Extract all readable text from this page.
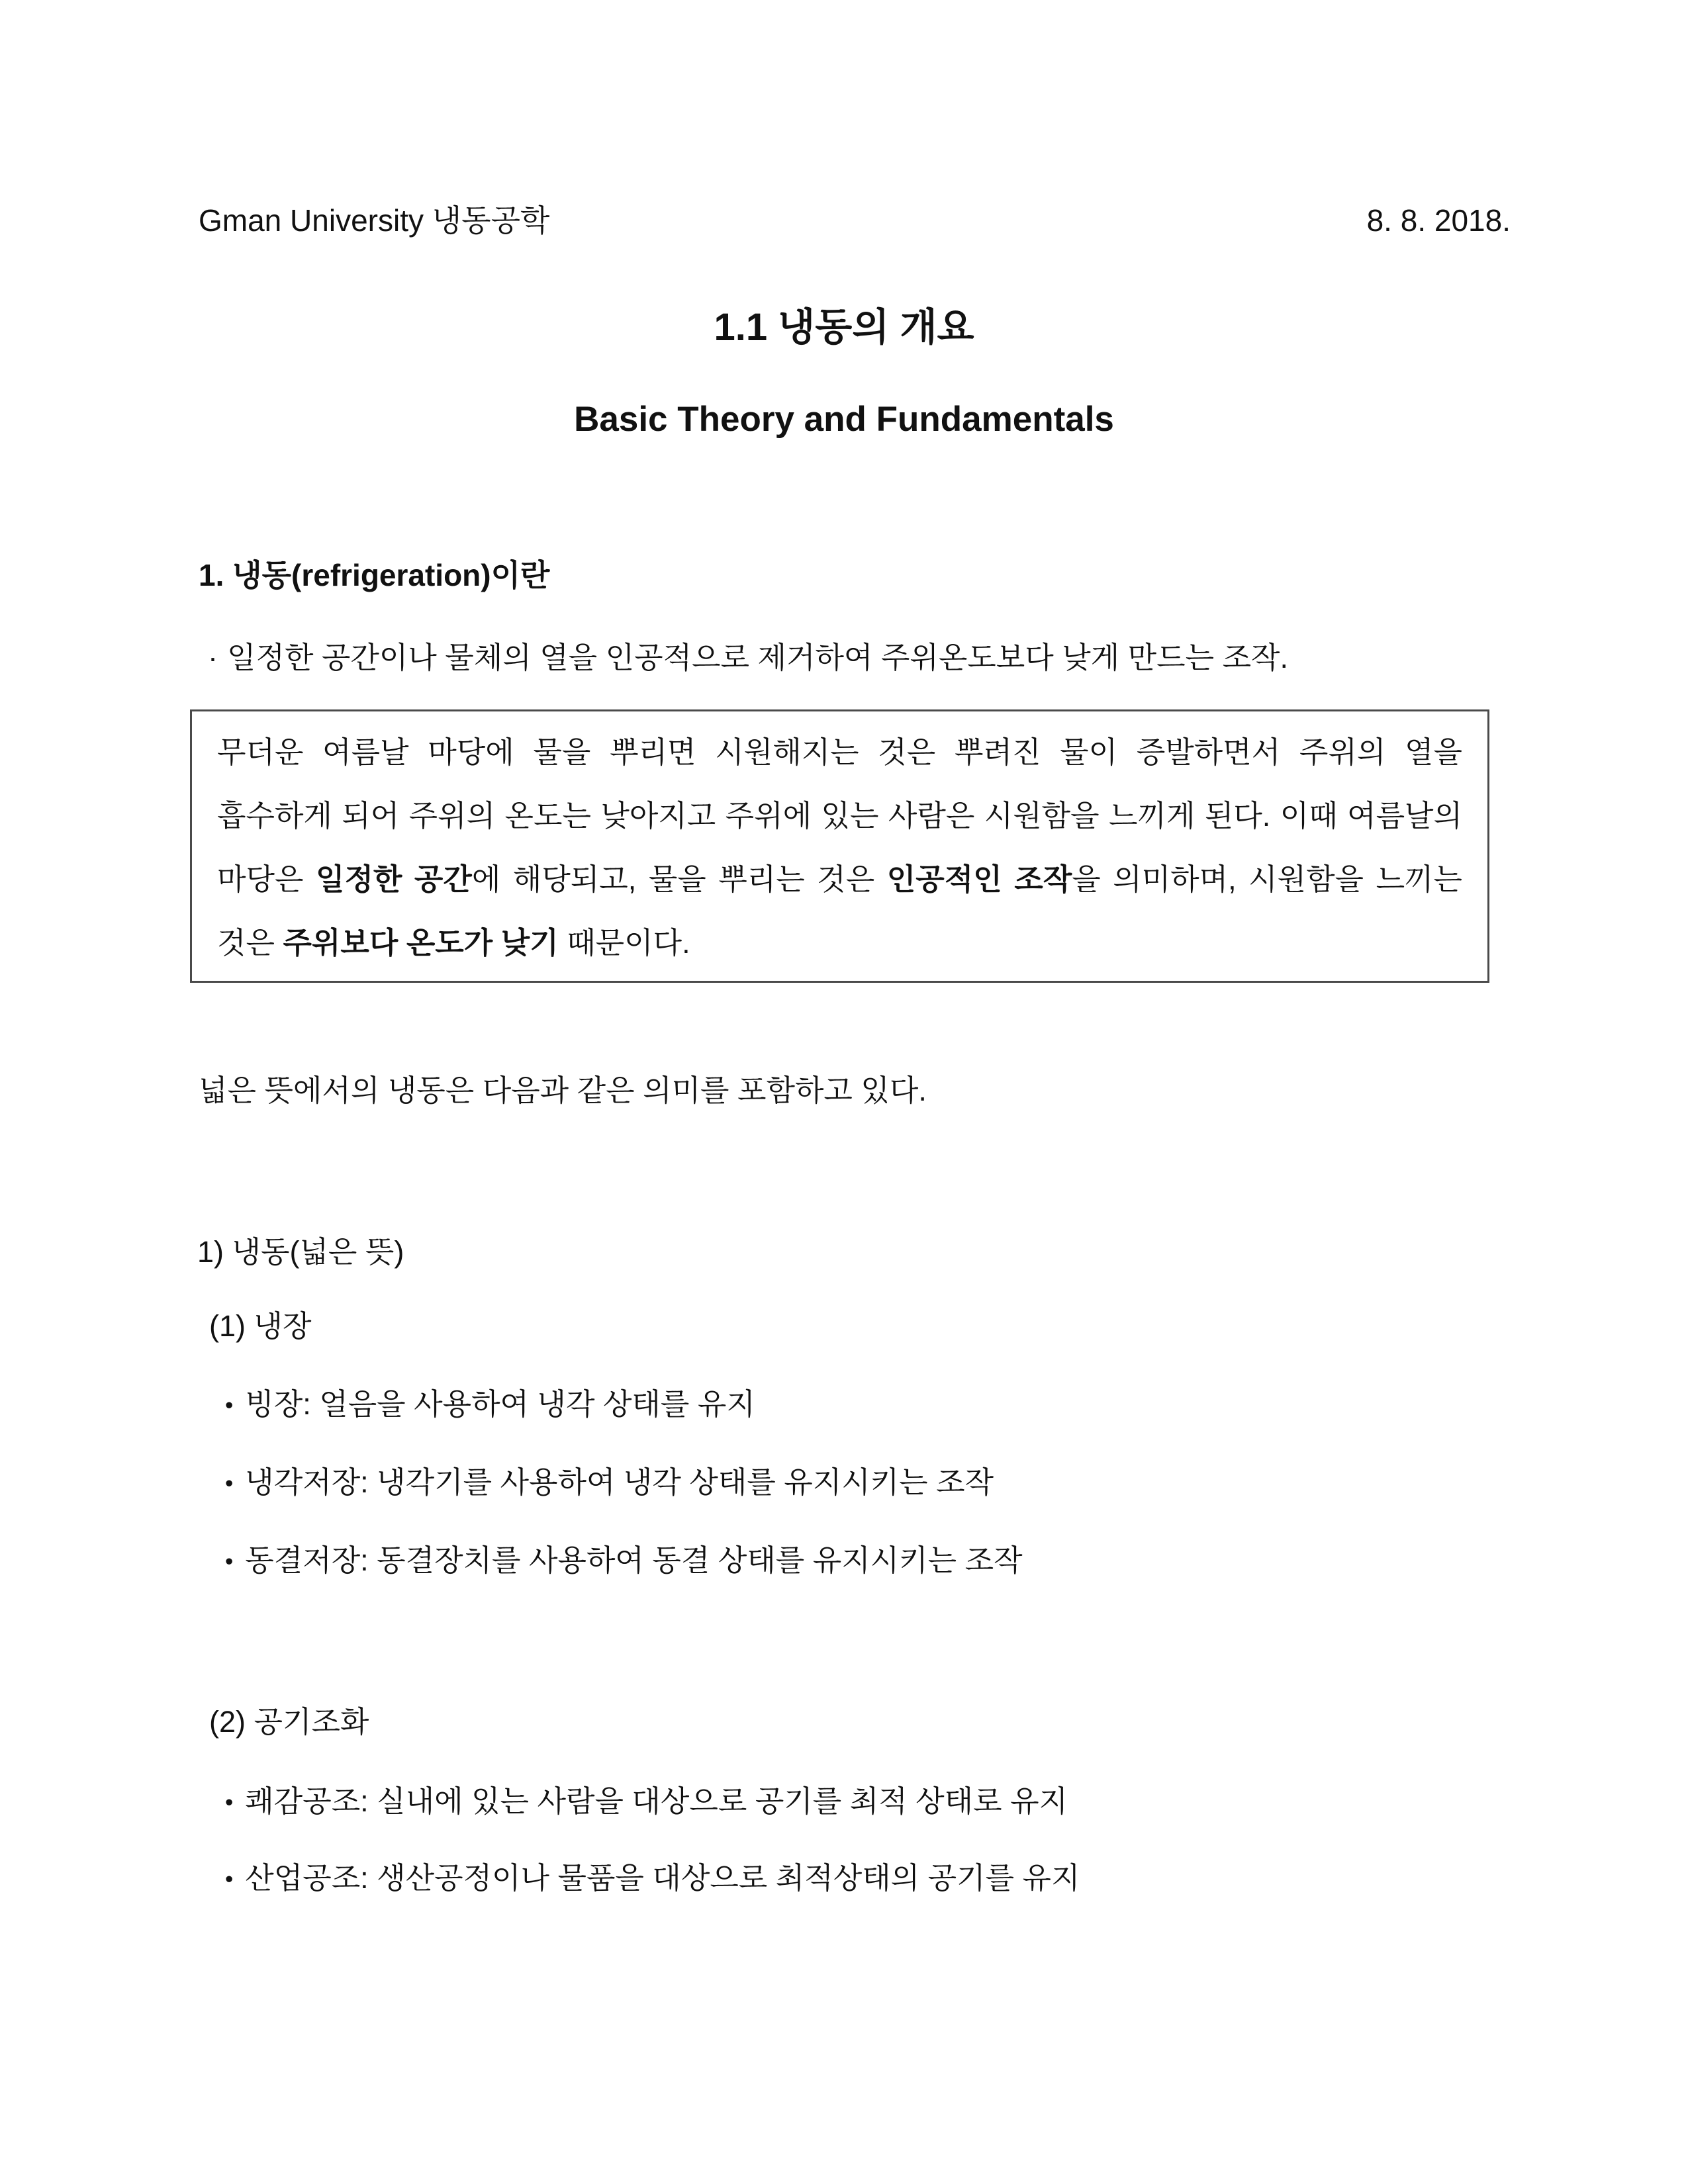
Gman University 냉동공학	8. 8. 2018.
1.1 냉동의 개요
Basic Theory and Fundamentals
1. 냉동(refrigeration)이란

· 일정한 공간이나 물체의 열을 인공적으로 제거하여 주위온도보다 낮게 만드는 조작.

무더운 여름날 마당에 물을 뿌리면 시원해지는 것은 뿌려진 물이 증발하면서 주위의 열을 흡수하게 되어 주위의 온도는 낮아지고 주위에 있는 사람은 시원함을 느끼게 된다. 이때 여름날의 마당은 일정한 공간에 해당되고, 물을 뿌리는 것은 인공적인 조작을 의미하며, 시원함을 느끼는 것은 주위보다 온도가 낮기 때문이다.

넓은 뜻에서의 냉동은 다음과 같은 의미를 포함하고 있다.

1) 냉동(넓은 뜻)

(1) 냉장

• 빙장: 얼음을 사용하여 냉각 상태를 유지

• 냉각저장: 냉각기를 사용하여 냉각 상태를 유지시키는 조작

• 동결저장: 동결장치를 사용하여 동결 상태를 유지시키는 조작

(2) 공기조화

• 쾌감공조: 실내에 있는 사람을 대상으로 공기를 최적 상태로 유지

• 산업공조: 생산공정이나 물품을 대상으로 최적상태의 공기를 유지
